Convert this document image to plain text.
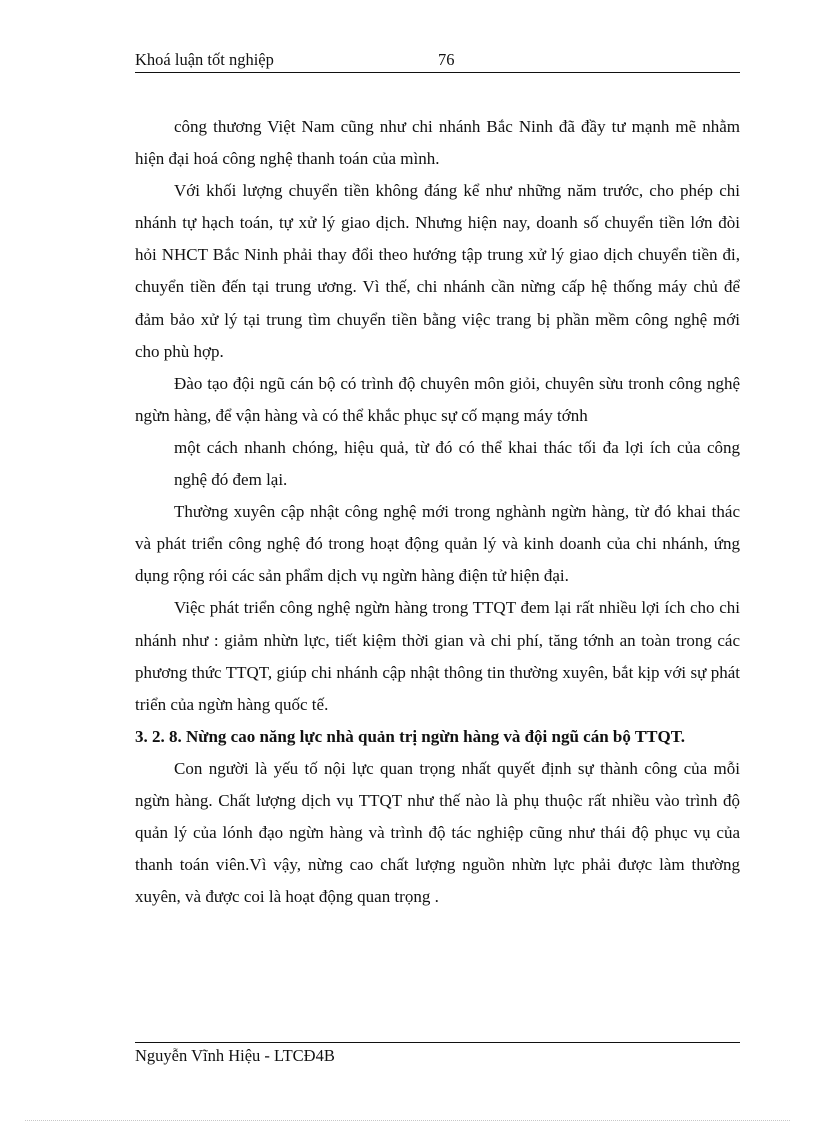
Khoá luận tốt nghiệp	76

công thương Việt Nam cũng như chi nhánh Bắc Ninh đã đầy tư mạnh mẽ nhằm hiện đại hoá công nghệ thanh toán của mình.

Với khối lượng chuyển tiền không đáng kể như những năm trước, cho phép chi nhánh tự hạch toán, tự xử lý giao dịch. Nhưng hiện nay, doanh số chuyển tiền lớn đòi hỏi NHCT Bắc Ninh phải thay đổi theo hướng tập trung xử lý giao dịch chuyển tiền đi, chuyển tiền đến tại trung ương. Vì thế, chi nhánh cần nừng cấp hệ thống máy chủ để đảm bảo xử lý tại trung tìm chuyển tiền bằng việc trang bị phần mềm công nghệ mới cho phù hợp.

Đào tạo đội ngũ cán bộ có trình độ chuyên môn giỏi, chuyên sừu tronh công nghệ ngừn hàng, để vận hàng và có thể khắc phục sự cố mạng máy tớnh

một cách nhanh chóng, hiệu quả, từ đó có thể khai thác tối đa lợi ích của công nghệ đó đem lại.

Thường xuyên cập nhật công nghệ mới trong nghành ngừn hàng, từ đó khai thác và phát triển công nghệ đó trong hoạt động quản lý và kinh doanh của chi nhánh, ứng dụng rộng rói các sản phẩm dịch vụ ngừn hàng điện tử hiện đại.

Việc phát triển công nghệ ngừn hàng trong TTQT đem lại rất nhiều lợi ích cho chi nhánh như : giảm nhừn lực, tiết kiệm thời gian và chi phí, tăng tớnh an toàn trong các phương thức TTQT, giúp chi nhánh cập nhật thông tin thường xuyên, bắt kịp với sự phát triển của ngừn hàng quốc tế.

3. 2. 8. Nừng cao năng lực nhà quản trị ngừn hàng và đội ngũ cán bộ TTQT.

Con người là yếu tố nội lực quan trọng nhất quyết định sự thành công của mỗi ngừn hàng. Chất lượng dịch vụ TTQT như thế nào là phụ thuộc rất nhiều vào trình độ quản lý của lónh đạo ngừn hàng và trình độ tác nghiệp cũng như thái độ phục vụ của thanh toán viên.Vì vậy, nừng cao chất lượng nguồn nhừn lực phải được làm thường xuyên, và được coi là hoạt động quan trọng .

Nguyễn Vĩnh Hiệu - LTCĐ4B
